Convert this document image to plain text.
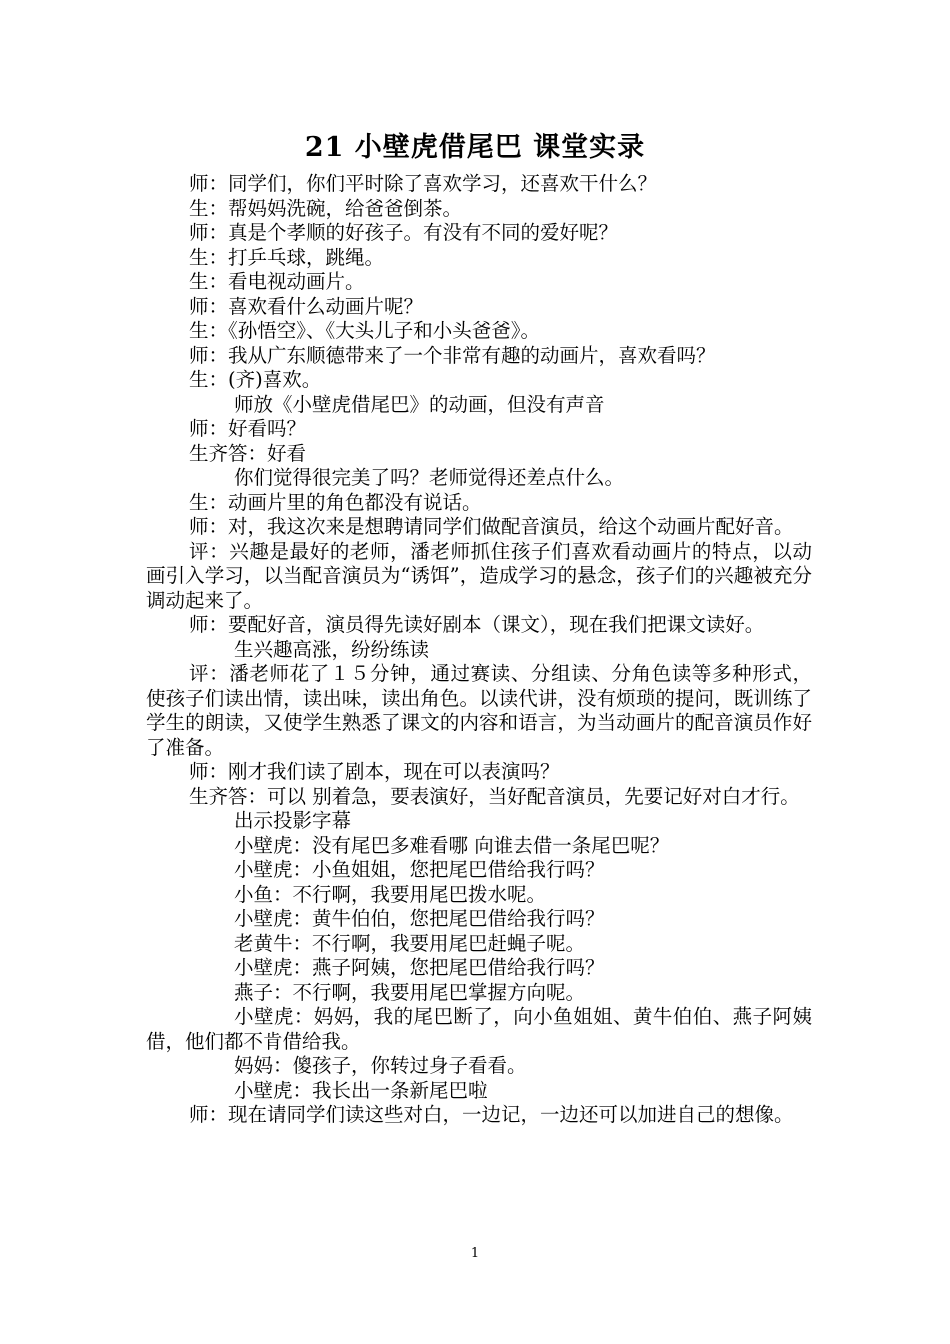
21 小壁虎借尾巴 课堂实录

师：同学们，你们平时除了喜欢学习，还喜欢干什么？

生：帮妈妈洗碗，给爸爸倒茶。

师：真是个孝顺的好孩子。有没有不同的爱好呢？

生：打乒乓球，跳绳。

生：看电视动画片。

师：喜欢看什么动画片呢？

生：《孙悟空》、《大头儿子和小头爸爸》。

师：我从广东顺德带来了一个非常有趣的动画片，喜欢看吗？

生：(齐)喜欢。

师放《小壁虎借尾巴》的动画，但没有声音

师：好看吗？

生齐答：好看

你们觉得很完美了吗？老师觉得还差点什么。

生：动画片里的角色都没有说话。

师：对，我这次来是想聘请同学们做配音演员，给这个动画片配好音。

评：兴趣是最好的老师，潘老师抓住孩子们喜欢看动画片的特点，以动画引入学习，以当配音演员为“诱饵”，造成学习的悬念，孩子们的兴趣被充分调动起来了。

师：要配好音，演员得先读好剧本（课文），现在我们把课文读好。

生兴趣高涨，纷纷练读

评：潘老师花了１５分钟，通过赛读、分组读、分角色读等多种形式，使孩子们读出情，读出味，读出角色。以读代讲，没有烦琐的提问，既训练了学生的朗读，又使学生熟悉了课文的内容和语言，为当动画片的配音演员作好了准备。

师：刚才我们读了剧本，现在可以表演吗？

生齐答：可以 别着急，要表演好，当好配音演员，先要记好对白才行。

出示投影字幕

小壁虎：没有尾巴多难看哪 向谁去借一条尾巴呢？

小壁虎：小鱼姐姐，您把尾巴借给我行吗？

小鱼：不行啊，我要用尾巴拨水呢。

小壁虎：黄牛伯伯，您把尾巴借给我行吗？

老黄牛：不行啊，我要用尾巴赶蝇子呢。

小壁虎：燕子阿姨，您把尾巴借给我行吗？

燕子：不行啊，我要用尾巴掌握方向呢。

小壁虎：妈妈，我的尾巴断了，向小鱼姐姐、黄牛伯伯、燕子阿姨借，他们都不肯借给我。

妈妈：傻孩子，你转过身子看看。

小壁虎：我长出一条新尾巴啦

师：现在请同学们读这些对白，一边记，一边还可以加进自己的想像。

1
